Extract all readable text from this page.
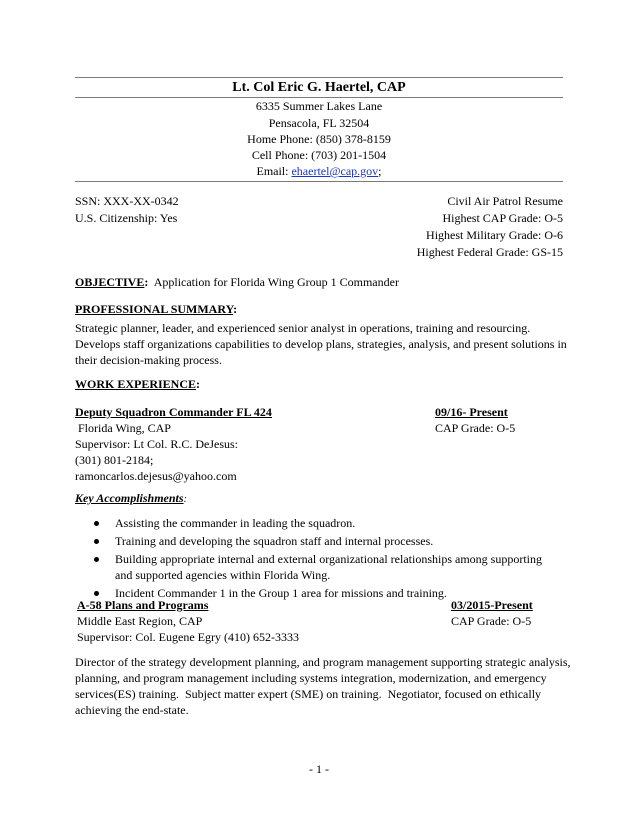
Lt. Col Eric G. Haertel, CAP
6335 Summer Lakes Lane
Pensacola, FL 32504
Home Phone: (850) 378-8159
Cell Phone: (703) 201-1504
Email: ehaertel@cap.gov;
SSN: XXX-XX-0342
U.S. Citizenship: Yes
Civil Air Patrol Resume
Highest CAP Grade: O-5
Highest Military Grade: O-6
Highest Federal Grade: GS-15
OBJECTIVE:  Application for Florida Wing Group 1 Commander
PROFESSIONAL SUMMARY:
Strategic planner, leader, and experienced senior analyst in operations, training and resourcing.
Develops staff organizations capabilities to develop plans, strategies, analysis, and present solutions in
their decision-making process.
WORK EXPERIENCE:
Deputy Squadron Commander FL 424	09/16- Present
Florida Wing, CAP	CAP Grade: O-5
Supervisor: Lt Col. R.C. DeJesus:
(301) 801-2184;
ramoncarlos.dejesus@yahoo.com
Key Accomplishments:
Assisting the commander in leading the squadron.
Training and developing the squadron staff and internal processes.
Building appropriate internal and external organizational relationships among supporting and supported agencies within Florida Wing.
Incident Commander 1 in the Group 1 area for missions and training.
A-58 Plans and Programs	03/2015-Present
Middle East Region, CAP	CAP Grade: O-5
Supervisor: Col. Eugene Egry (410) 652-3333
Director of the strategy development planning, and program management supporting strategic analysis,
planning, and program management including systems integration, modernization, and emergency
services(ES) training.  Subject matter expert (SME) on training.  Negotiator, focused on ethically
achieving the end-state.
- 1 -
